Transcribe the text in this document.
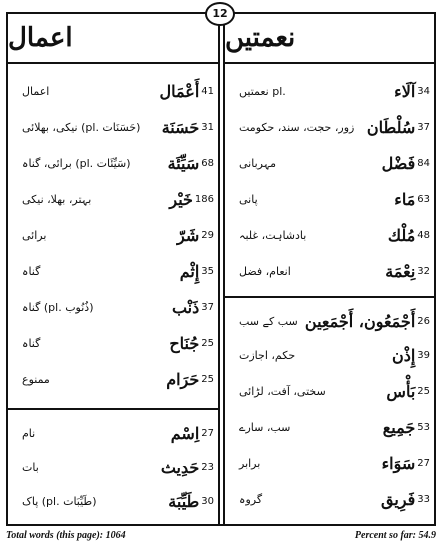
12
اعمال
41
أَعْمَال
اعمال
31
حَسَنَة
(حَسَنَات .pl) نیکی، بھلائی
68
سَيِّئَة
(سَيِّئَات .pl) برائی، گناہ
186
خَيْر
بہتر، بھلا، نیکی
29
شَرّ
برائی
35
إِثْم
گناہ
37
ذَنْب
(ذُنُوب .pl) گناہ
25
جُنَاح
گناہ
25
حَرَام
ممنوع
27
اِسْم
نام
23
حَدِيث
بات
30
طَيِّبَة
(طَيِّبَات .pl) پاک
نعمتیں
34
آلَاء
.pl نعمتیں
37
سُلْطَان
زور، حجت، سند، حکومت
84
فَضْل
مہربانی
63
مَاء
پانی
48
مُلْك
بادشاہت، غلبہ
32
نِعْمَة
انعام، فضل
26
أَجْمَعُون، أَجْمَعِين
سب کے سب
39
إِذْن
حکم، اجازت
25
بَأْس
سختی، آفت، لڑائی
53
جَمِيع
سب، سارے
27
سَوَاء
برابر
33
فَرِيق
گروہ
Total words (this page): 1064	Percent so far: 54.9
